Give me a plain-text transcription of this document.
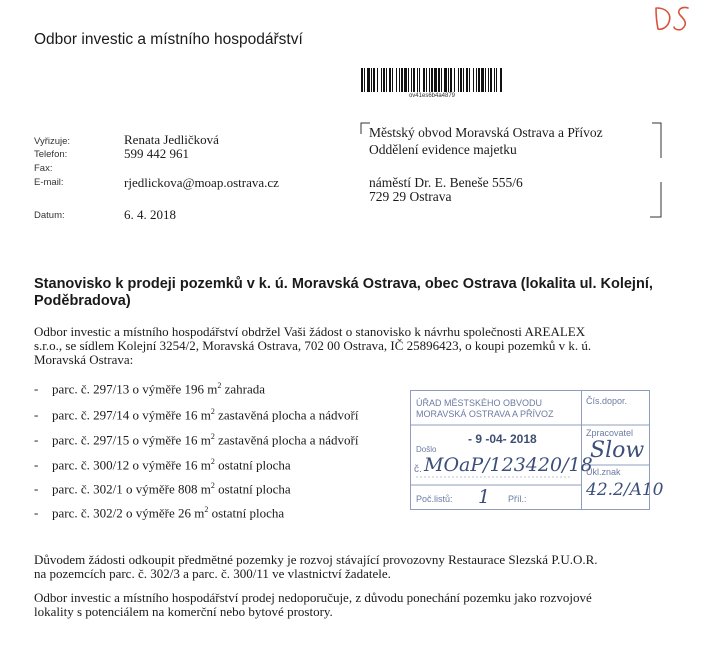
Odbor investic a místního hospodářství
ov41es6b4a4879
Vyřizuje:	Renata Jedličková
Telefon:	599 442 961
Fax:
E-mail:	rjedlickova@moap.ostrava.cz
Datum:	6. 4. 2018
Městský obvod Moravská Ostrava a Přívoz
Oddělení evidence majetku
náměstí Dr. E. Beneše 555/6
729 29 Ostrava
Stanovisko k prodeji pozemků v k. ú. Moravská Ostrava, obec Ostrava (lokalita ul. Kolejní, Poděbradova)
Odbor investic a místního hospodářství obdržel Vaši žádost o stanovisko k návrhu společnosti AREALEX
s.r.o., se sídlem Kolejní 3254/2, Moravská Ostrava, 702 00 Ostrava, IČ 25896423, o koupi pozemků v k. ú.
Moravská Ostrava:
- parc. č. 297/13 o výměře 196 $m^2$ zahrada
- parc. č. 297/14 o výměře 16 $m^2$ zastavěná plocha a nádvoří
- parc. č. 297/15 o výměře 16 $m^2$ zastavěná plocha a nádvoří
- parc. č. 300/12 o výměře 16 $m^2$ ostatní plocha
- parc. č. 302/1 o výměře 808 $m^2$ ostatní plocha
- parc. č. 302/2 o výměře 26 $m^2$ ostatní plocha
ÚŘAD MĚSTSKÉHO OBVODU
MORAVSKÁ OSTRAVA A PŘÍVOZ
Čís.dopor.
- 9 -04- 2018
Došlo
č. MOaP/123420/18
Zpracovatel
Slow
Ukl.znak
42.2/A10
Poč.listů: 1 Příl.:
Důvodem žádosti odkoupit předmětné pozemky je rozvoj stávající provozovny Restaurace Slezská P.U.O.R.
na pozemcích parc. č. 302/3 a parc. č. 300/11 ve vlastnictví žadatele.
Odbor investic a místního hospodářství prodej nedoporučuje, z důvodu ponechání pozemku jako rozvojové
lokality s potenciálem na komerční nebo bytové prostory.
